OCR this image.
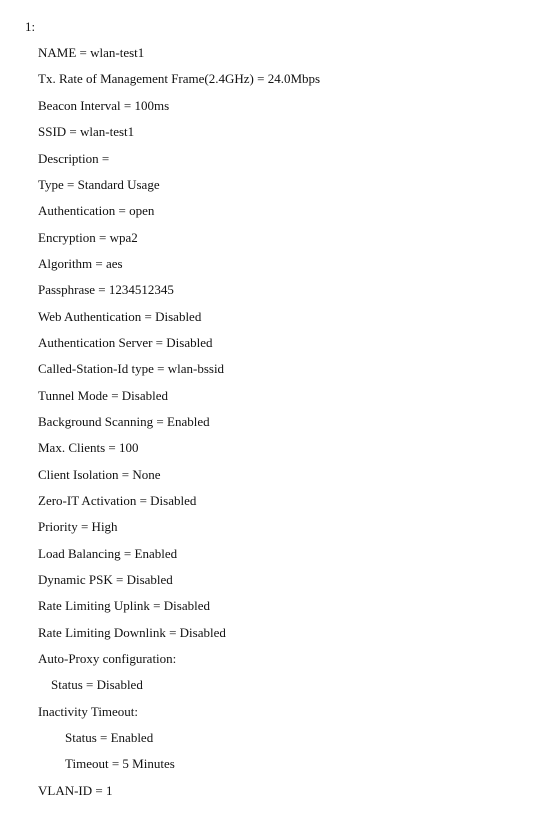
1:
NAME = wlan-test1
Tx. Rate of Management Frame(2.4GHz) = 24.0Mbps
Beacon Interval = 100ms
SSID = wlan-test1
Description =
Type = Standard Usage
Authentication = open
Encryption = wpa2
Algorithm = aes
Passphrase = 1234512345
Web Authentication = Disabled
Authentication Server = Disabled
Called-Station-Id type = wlan-bssid
Tunnel Mode = Disabled
Background Scanning = Enabled
Max. Clients = 100
Client Isolation = None
Zero-IT Activation = Disabled
Priority = High
Load Balancing = Enabled
Dynamic PSK = Disabled
Rate Limiting Uplink = Disabled
Rate Limiting Downlink = Disabled
Auto-Proxy configuration:
Status = Disabled
Inactivity Timeout:
Status = Enabled
Timeout = 5 Minutes
VLAN-ID = 1
